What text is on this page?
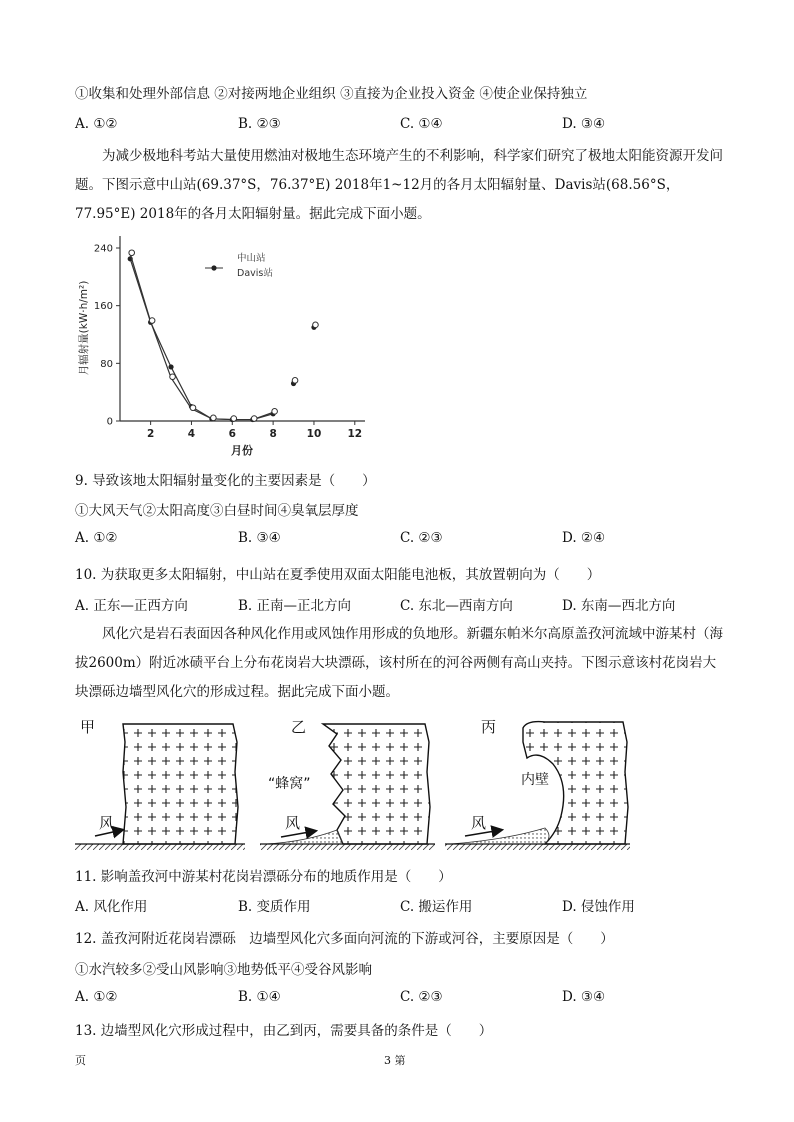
①收集和处理外部信息 ②对接两地企业组织 ③直接为企业投入资金 ④使企业保持独立
A. ①②	B. ②③	C. ①④	D. ③④
为减少极地科考站大量使用燃油对极地生态环境产生的不利影响，科学家们研究了极地太阳能资源开发问题。下图示意中山站(69.37°S，76.37°E) 2018年1~12月的各月太阳辐射量、Davis站(68.56°S，77.95°E) 2018年的各月太阳辐射量。据此完成下面小题。
月辐射量(kW·h/m²)
月份
0
80
160
240
2	4	6	8	10 12
中山站
Davis站
9. 导致该地太阳辐射量变化的主要因素是（　　）
①大风天气②太阳高度③白昼时间④臭氧层厚度
A. ①②	B. ③④	C. ②③	D. ②④
10. 为获取更多太阳辐射，中山站在夏季使用双面太阳能电池板，其放置朝向为（　　）
A. 正东—正西方向	B. 正南—正北方向	C. 东北—西南方向	D. 东南—西北方向
风化穴是岩石表面因各种风化作用或风蚀作用形成的负地形。新疆东帕米尔高原盖孜河流域中游某村（海拔2600m）附近冰碛平台上分布花岗岩大块漂砾，该村所在的河谷两侧有高山夹持。下图示意该村花岗岩大块漂砾边墙型风化穴的形成过程。据此完成下面小题。
甲
风
乙
“蜂窝”
风
丙
内壁
风
11. 影响盖孜河中游某村花岗岩漂砾分布的地质作用是（　　）
A. 风化作用	B. 变质作用	C. 搬运作用	D. 侵蚀作用
12. 盖孜河附近花岗岩漂砾　边墙型风化穴多面向河流的下游或河谷，主要原因是（　　）
①水汽较多②受山风影响③地势低平④受谷风影响
A. ①②	B. ①④	C. ②③	D. ③④
13. 边墙型风化穴形成过程中，由乙到丙，需要具备的条件是（　　）
页	3 第
